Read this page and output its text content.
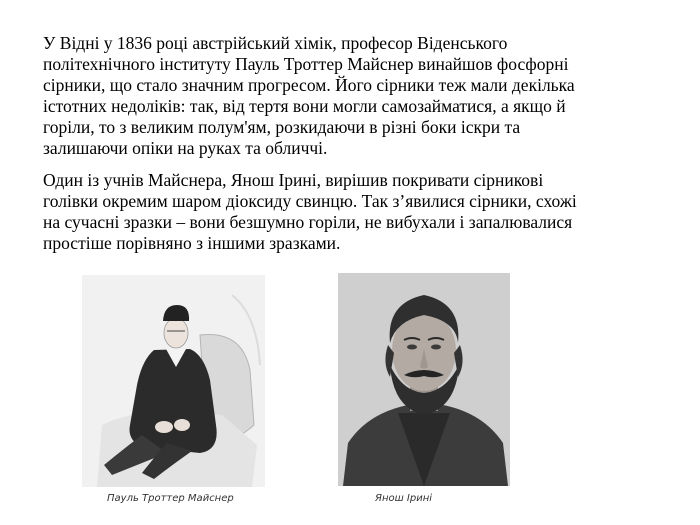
У Відні у 1836 році австрійський хімік, професор Віденського
політехнічного інституту Пауль Троттер Майснер винайшов фосфорні
сірники, що стало значним прогресом. Його сірники теж мали декілька
істотних недоліків: так, від тертя вони могли самозайматися, а якщо й
горіли, то з великим полум'ям, розкидаючи в різні боки іскри та
залишаючи опіки на руках та обличчі.
Один із учнів Майснера, Янош Ірині, вирішив покривати сірникові
голівки окремим шаром діоксиду свинцю. Так з’явилися сірники, схожі
на сучасні зразки – вони безшумно горіли, не вибухали і запалювалися
простіше порівняно з іншими зразками.
Пауль Троттер Майснер	Янош Ірині
